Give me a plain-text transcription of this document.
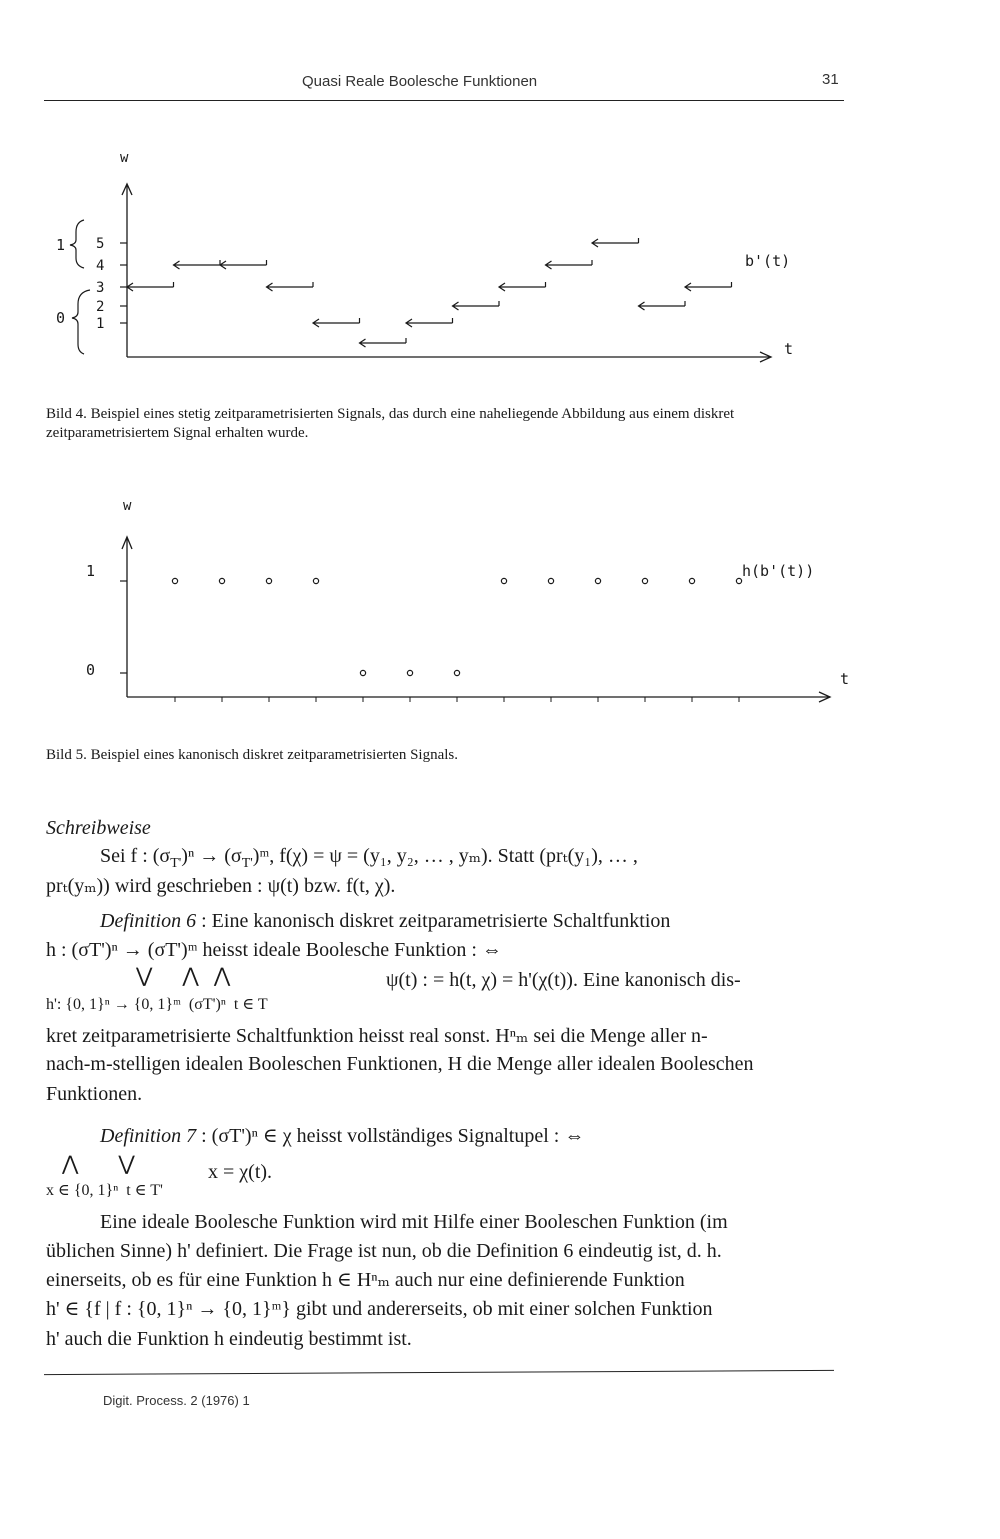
Quasi Reale Boolesche Funktionen	31
w
t
1
2
3
4
5
b'(t)
1
0
Bild 4. Beispiel eines stetig zeitparametrisierten Signals, das durch eine naheliegende Abbildung aus einem diskret zeitparametrisiertem Signal erhalten wurde.
w
t
1
0
h(b'(t))
Bild 5. Beispiel eines kanonisch diskret zeitparametrisierten Signals.
Schreibweise
Sei f : $(\sigma_{T'})^n$ → $(\sigma_{T'})ᵐ$, f(χ) = ψ = (y₁, y₂, … , yₘ). Statt (prₜ(y₁), … ,
prₜ(yₘ)) wird geschrieben : ψ(t) bzw. f(t, χ).
Definition 6 : Eine kanonisch diskret zeitparametrisierte Schaltfunktion
h : (σT')ⁿ → (σT')ᵐ heisst ideale Boolesche Funktion : ⇔
⋁      ⋀   ⋀	ψ(t) : = h(t, χ) = h'(χ(t)). Eine kanonisch dis-
h': {0, 1}ⁿ → {0, 1}ᵐ  (σT')ⁿ  t ∈ T
kret zeitparametrisierte Schaltfunktion heisst real sonst. Hⁿₘ sei die Menge aller n-
nach-m-stelligen idealen Booleschen Funktionen, H die Menge aller idealen Booleschen
Funktionen.
Definition 7 : (σT')ⁿ ∈ χ heisst vollständiges Signaltupel : ⇔
⋀        ⋁	x = χ(t).
x ∈ {0, 1}ⁿ  t ∈ T'
Eine ideale Boolesche Funktion wird mit Hilfe einer Booleschen Funktion (im
üblichen Sinne) h' definiert. Die Frage ist nun, ob die Definition 6 eindeutig ist, d. h.
einerseits, ob es für eine Funktion h ∈ Hⁿₘ auch nur eine definierende Funktion
h' ∈ {f | f : {0, 1}ⁿ → {0, 1}ᵐ} gibt und andererseits, ob mit einer solchen Funktion
h' auch die Funktion h eindeutig bestimmt ist.
Digit. Process. 2 (1976) 1
